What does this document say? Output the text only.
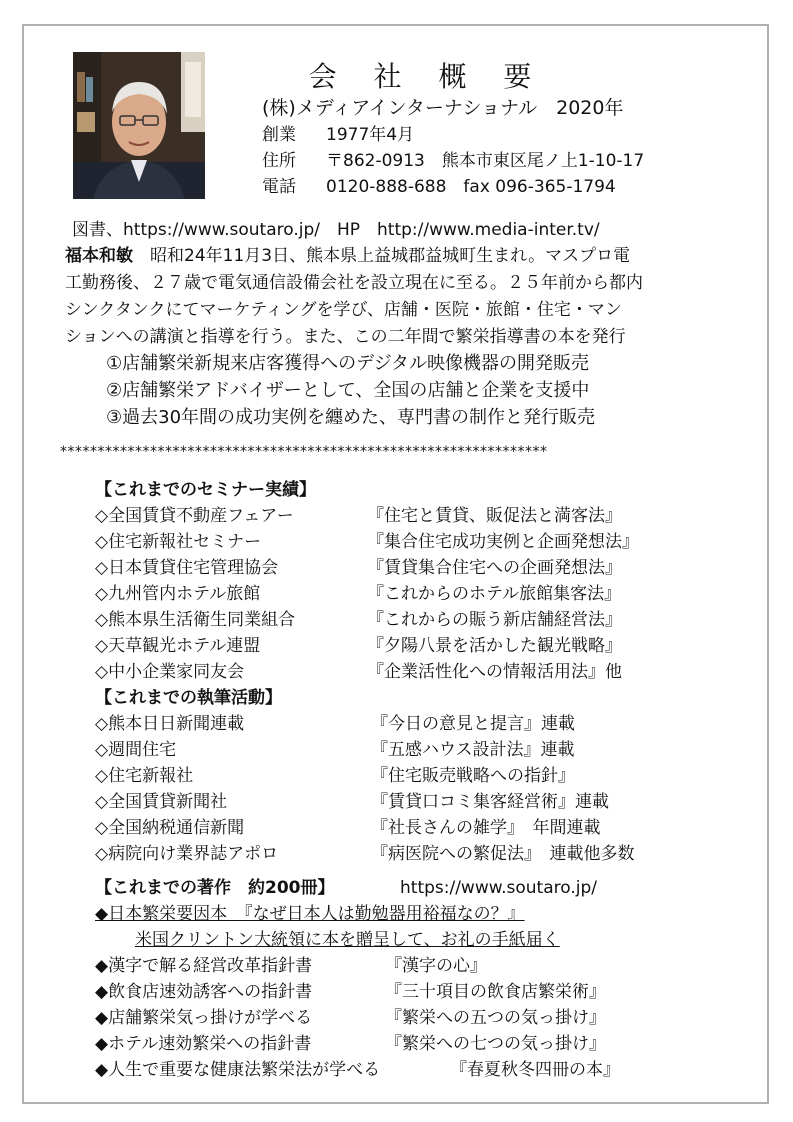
会 社 概 要
(株)メディアインターナショナル　2020年
創業 1977年4月
住所 〒862-0913　熊本市東区尾ノ上1-10-17
電話 0120-888-688　fax 096-365-1794
図書、https://www.soutaro.jp/　HP　http://www.media-inter.tv/
福本和敏　昭和24年11月3日、熊本県上益城郡益城町生まれ。マスプロ電
工勤務後、２７歳で電気通信設備会社を設立現在に至る。２５年前から都内
シンクタンクにてマーケティングを学び、店舗・医院・旅館・住宅・マン
ションへの講演と指導を行う。また、この二年間で繁栄指導書の本を発行
①店舗繁栄新規来店客獲得へのデジタル映像機器の開発販売
②店舗繁栄アドバイザーとして、全国の店舗と企業を支援中
③過去30年間の成功実例を纏めた、専門書の制作と発行販売
*****************************************************************
【これまでのセミナー実績】
◇全国賃貸不動産フェアー	『住宅と賃貸、販促法と満客法』
◇住宅新報社セミナー	『集合住宅成功実例と企画発想法』
◇日本賃貸住宅管理協会	『賃貸集合住宅への企画発想法』
◇九州管内ホテル旅館	『これからのホテル旅館集客法』
◇熊本県生活衛生同業組合	『これからの賑う新店舗経営法』
◇天草観光ホテル連盟	『夕陽八景を活かした観光戦略』
◇中小企業家同友会	『企業活性化への情報活用法』他
【これまでの執筆活動】
◇熊本日日新聞連載	『今日の意見と提言』連載
◇週間住宅	『五感ハウス設計法』連載
◇住宅新報社	『住宅販売戦略への指針』
◇全国賃貸新聞社	『賃貸口コミ集客経営術』連載
◇全国納税通信新聞	『社長さんの雑学』　年間連載
◇病院向け業界誌アポロ	『病医院への繁促法』　連載他多数
【これまでの著作　約200冊】	https://www.soutaro.jp/
◆日本繁栄要因本　『なぜ日本人は勤勉器用裕福なの？』
米国クリントン大統領に本を贈呈して、お礼の手紙届く
◆漢字で解る経営改革指針書	『漢字の心』
◆飲食店速効誘客への指針書	『三十項目の飲食店繁栄術』
◆店舗繁栄気っ掛けが学べる	『繁栄への五つの気っ掛け』
◆ホテル速効繁栄への指針書	『繁栄への七つの気っ掛け』
◆人生で重要な健康法繁栄法が学べる	『春夏秋冬四冊の本』
